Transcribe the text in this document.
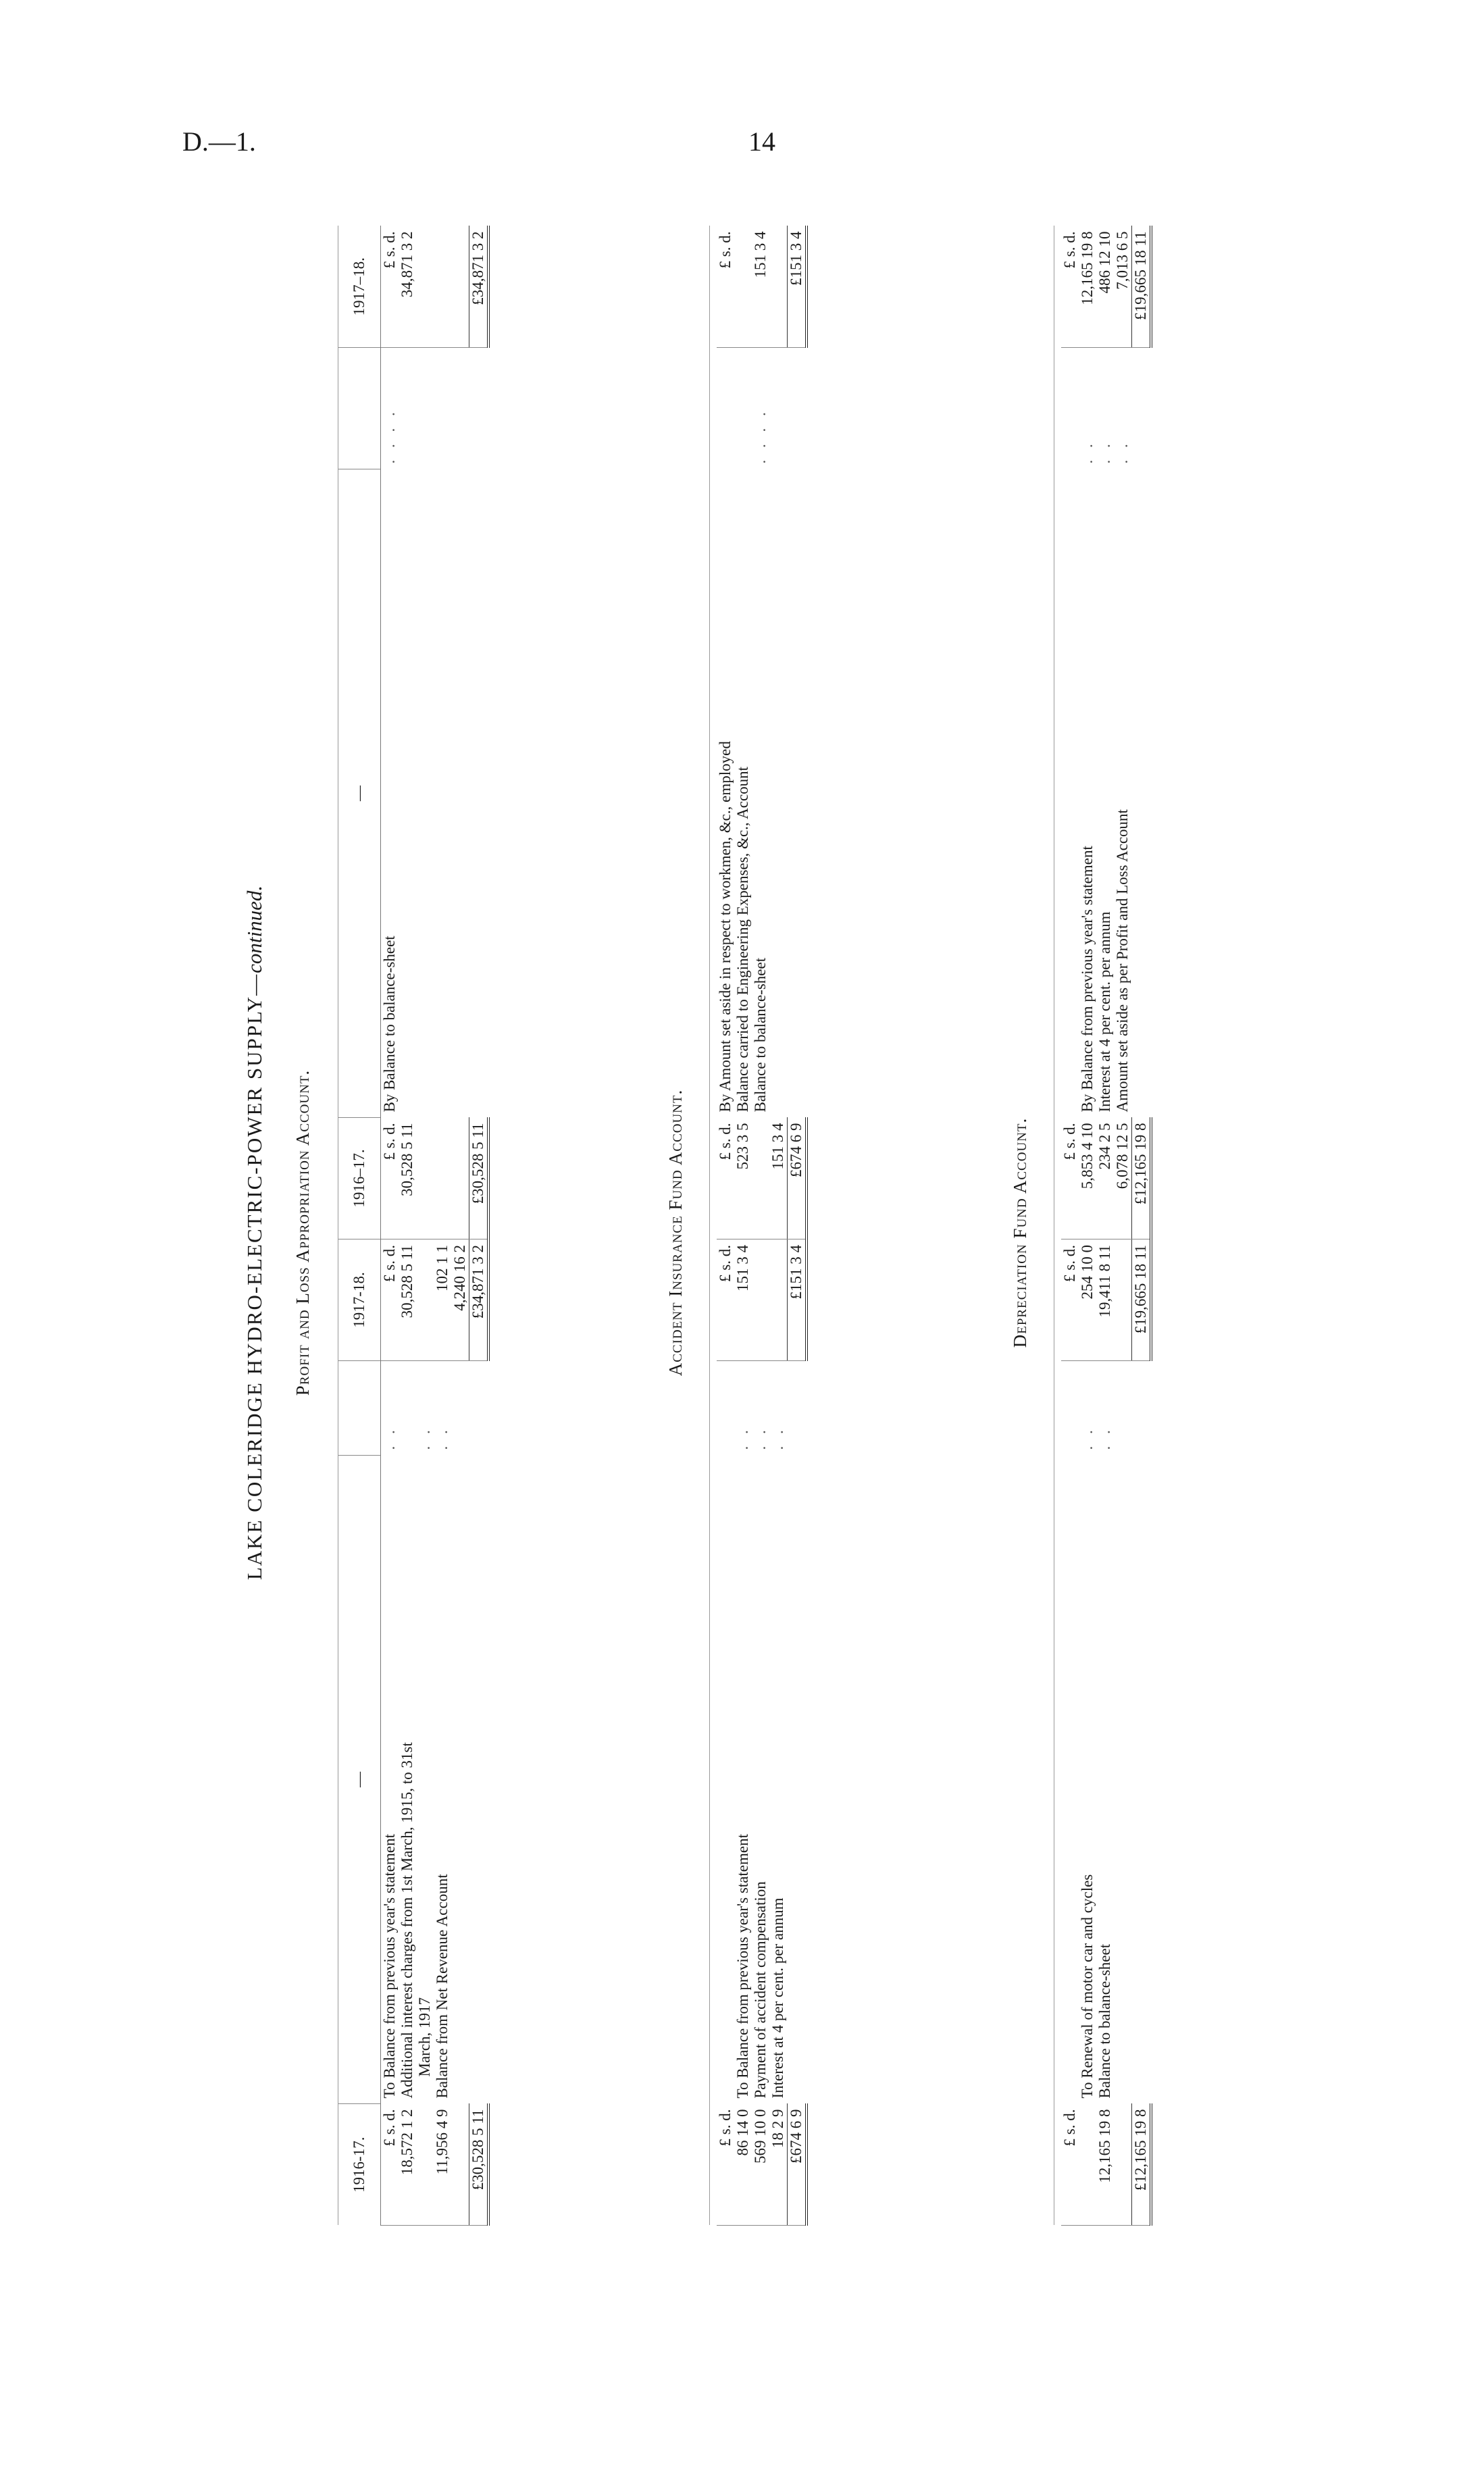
D.—1.	14
LAKE COLERIDGE HYDRO-ELECTRIC-POWER SUPPLY—continued.
Profit and Loss Appropriation Account.
1916-17.	—		1917-18.	1916–17.	—		1917–18.
£ s. d.	To Balance from previous year's statement	. .	£ s. d.	£ s. d.	By Balance to balance-sheet	. . . .	£ s. d.
18,572 1 2	Additional interest charges from 1st March, 1915, to 31st		30,528 5 11	30,528 5 11			34,871 3 2
	March, 1917	. .					
11,956 4 9	Balance from Net Revenue Account	. .	102 1 1				
			4,240 16 2				
£30,528 5 11			£34,871 3 2	£30,528 5 11			£34,871 3 2
Accident Insurance Fund Account.

£ s. d.			£ s. d.	£ s. d.	By Amount set aside in respect to workmen, &c., employed		£ s. d.
86 14 0	To Balance from previous year's statement	. .	151 3 4	523 3 5	Balance carried to Engineering Expenses, &c., Account		
569 10 0	Payment of accident compensation	. .			Balance to balance-sheet	. . . .	151 3 4
18 2 9	Interest at 4 per cent. per annum	. .		151 3 4			
£674 6 9			£151 3 4	£674 6 9			£151 3 4
Depreciation Fund Account.

£ s. d.			£ s. d.	£ s. d.			£ s. d.
	To Renewal of motor car and cycles	. .	254 10 0	5,853 4 10	By Balance from previous year's statement	. .	12,165 19 8
12,165 19 8	Balance to balance-sheet	. .	19,411 8 11	234 2 5	Interest at 4 per cent. per annum	. .	486 12 10
				6,078 12 5	Amount set aside as per Profit and Loss Account	. .	7,013 6 5
£12,165 19 8			£19,665 18 11	£12,165 19 8			£19,665 18 11
